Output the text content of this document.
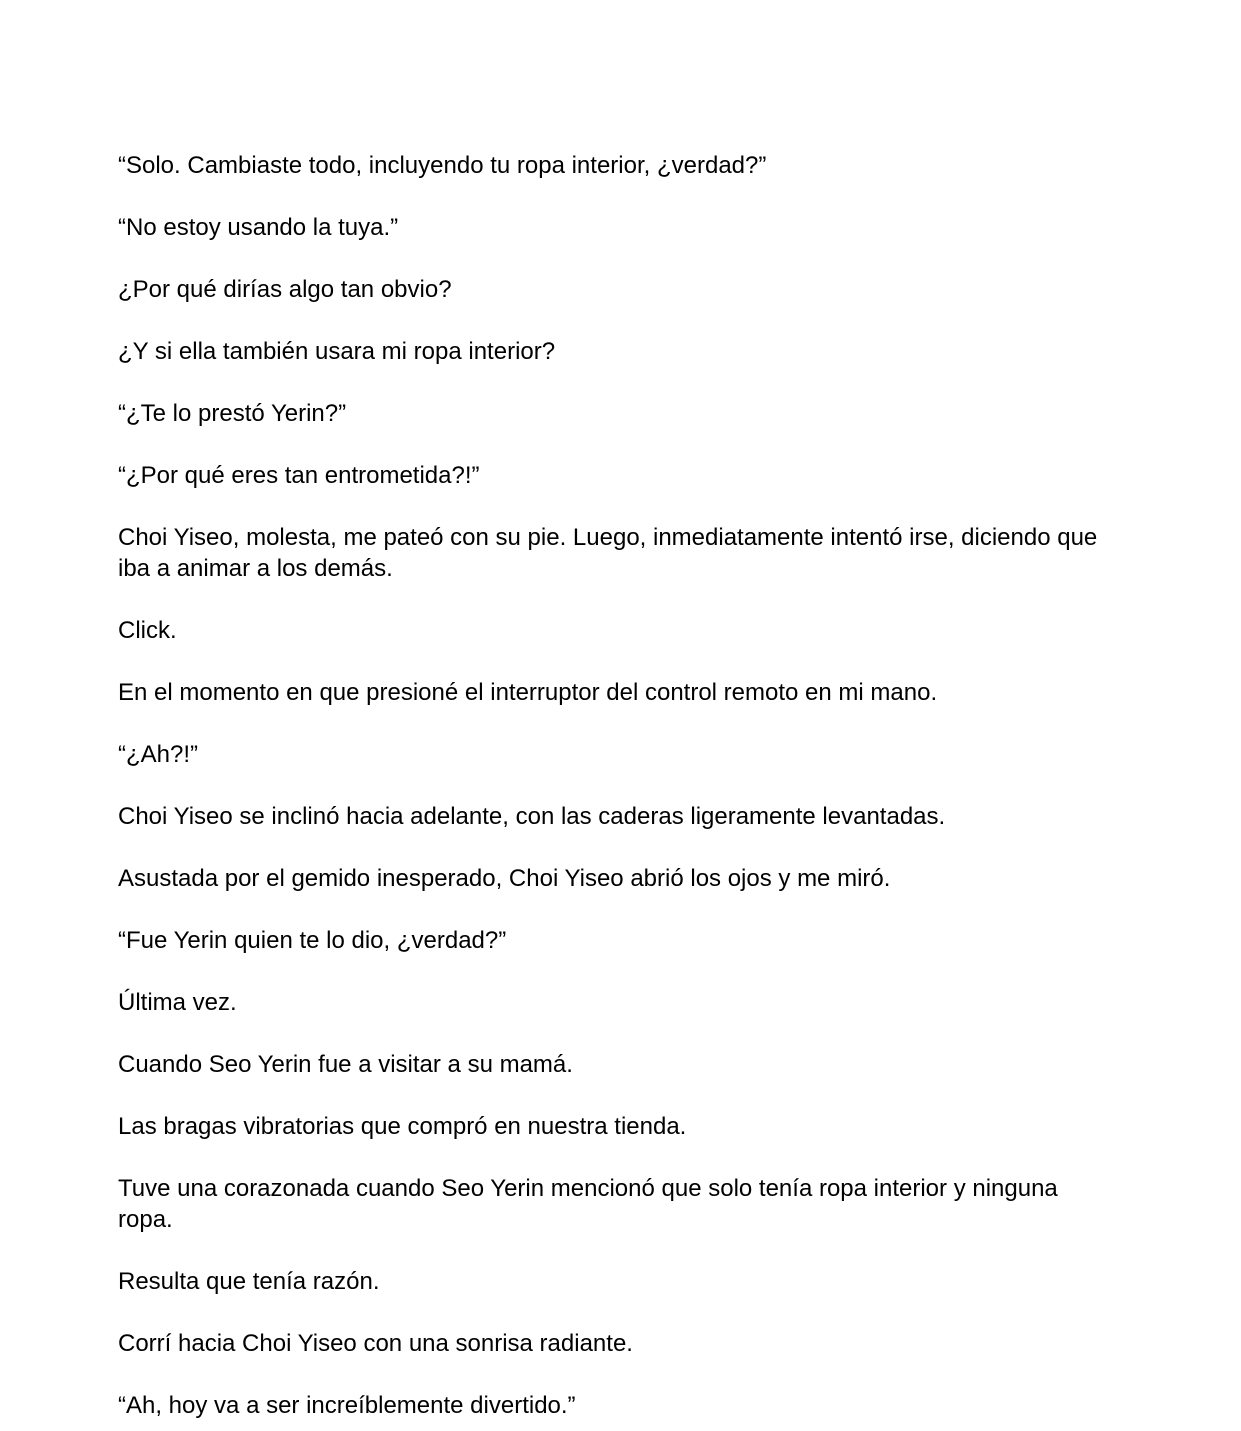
“Solo. Cambiaste todo, incluyendo tu ropa interior, ¿verdad?”

“No estoy usando la tuya.”

¿Por qué dirías algo tan obvio?

¿Y si ella también usara mi ropa interior?

“¿Te lo prestó Yerin?”

“¿Por qué eres tan entrometida?!”

Choi Yiseo, molesta, me pateó con su pie. Luego, inmediatamente intentó irse, diciendo que iba a animar a los demás.

Click.

En el momento en que presioné el interruptor del control remoto en mi mano.

“¿Ah?!”

Choi Yiseo se inclinó hacia adelante, con las caderas ligeramente levantadas.

Asustada por el gemido inesperado, Choi Yiseo abrió los ojos y me miró.

“Fue Yerin quien te lo dio, ¿verdad?”

Última vez.

Cuando Seo Yerin fue a visitar a su mamá.

Las bragas vibratorias que compró en nuestra tienda.

Tuve una corazonada cuando Seo Yerin mencionó que solo tenía ropa interior y ninguna ropa.

Resulta que tenía razón.

Corrí hacia Choi Yiseo con una sonrisa radiante.

“Ah, hoy va a ser increíblemente divertido.”
